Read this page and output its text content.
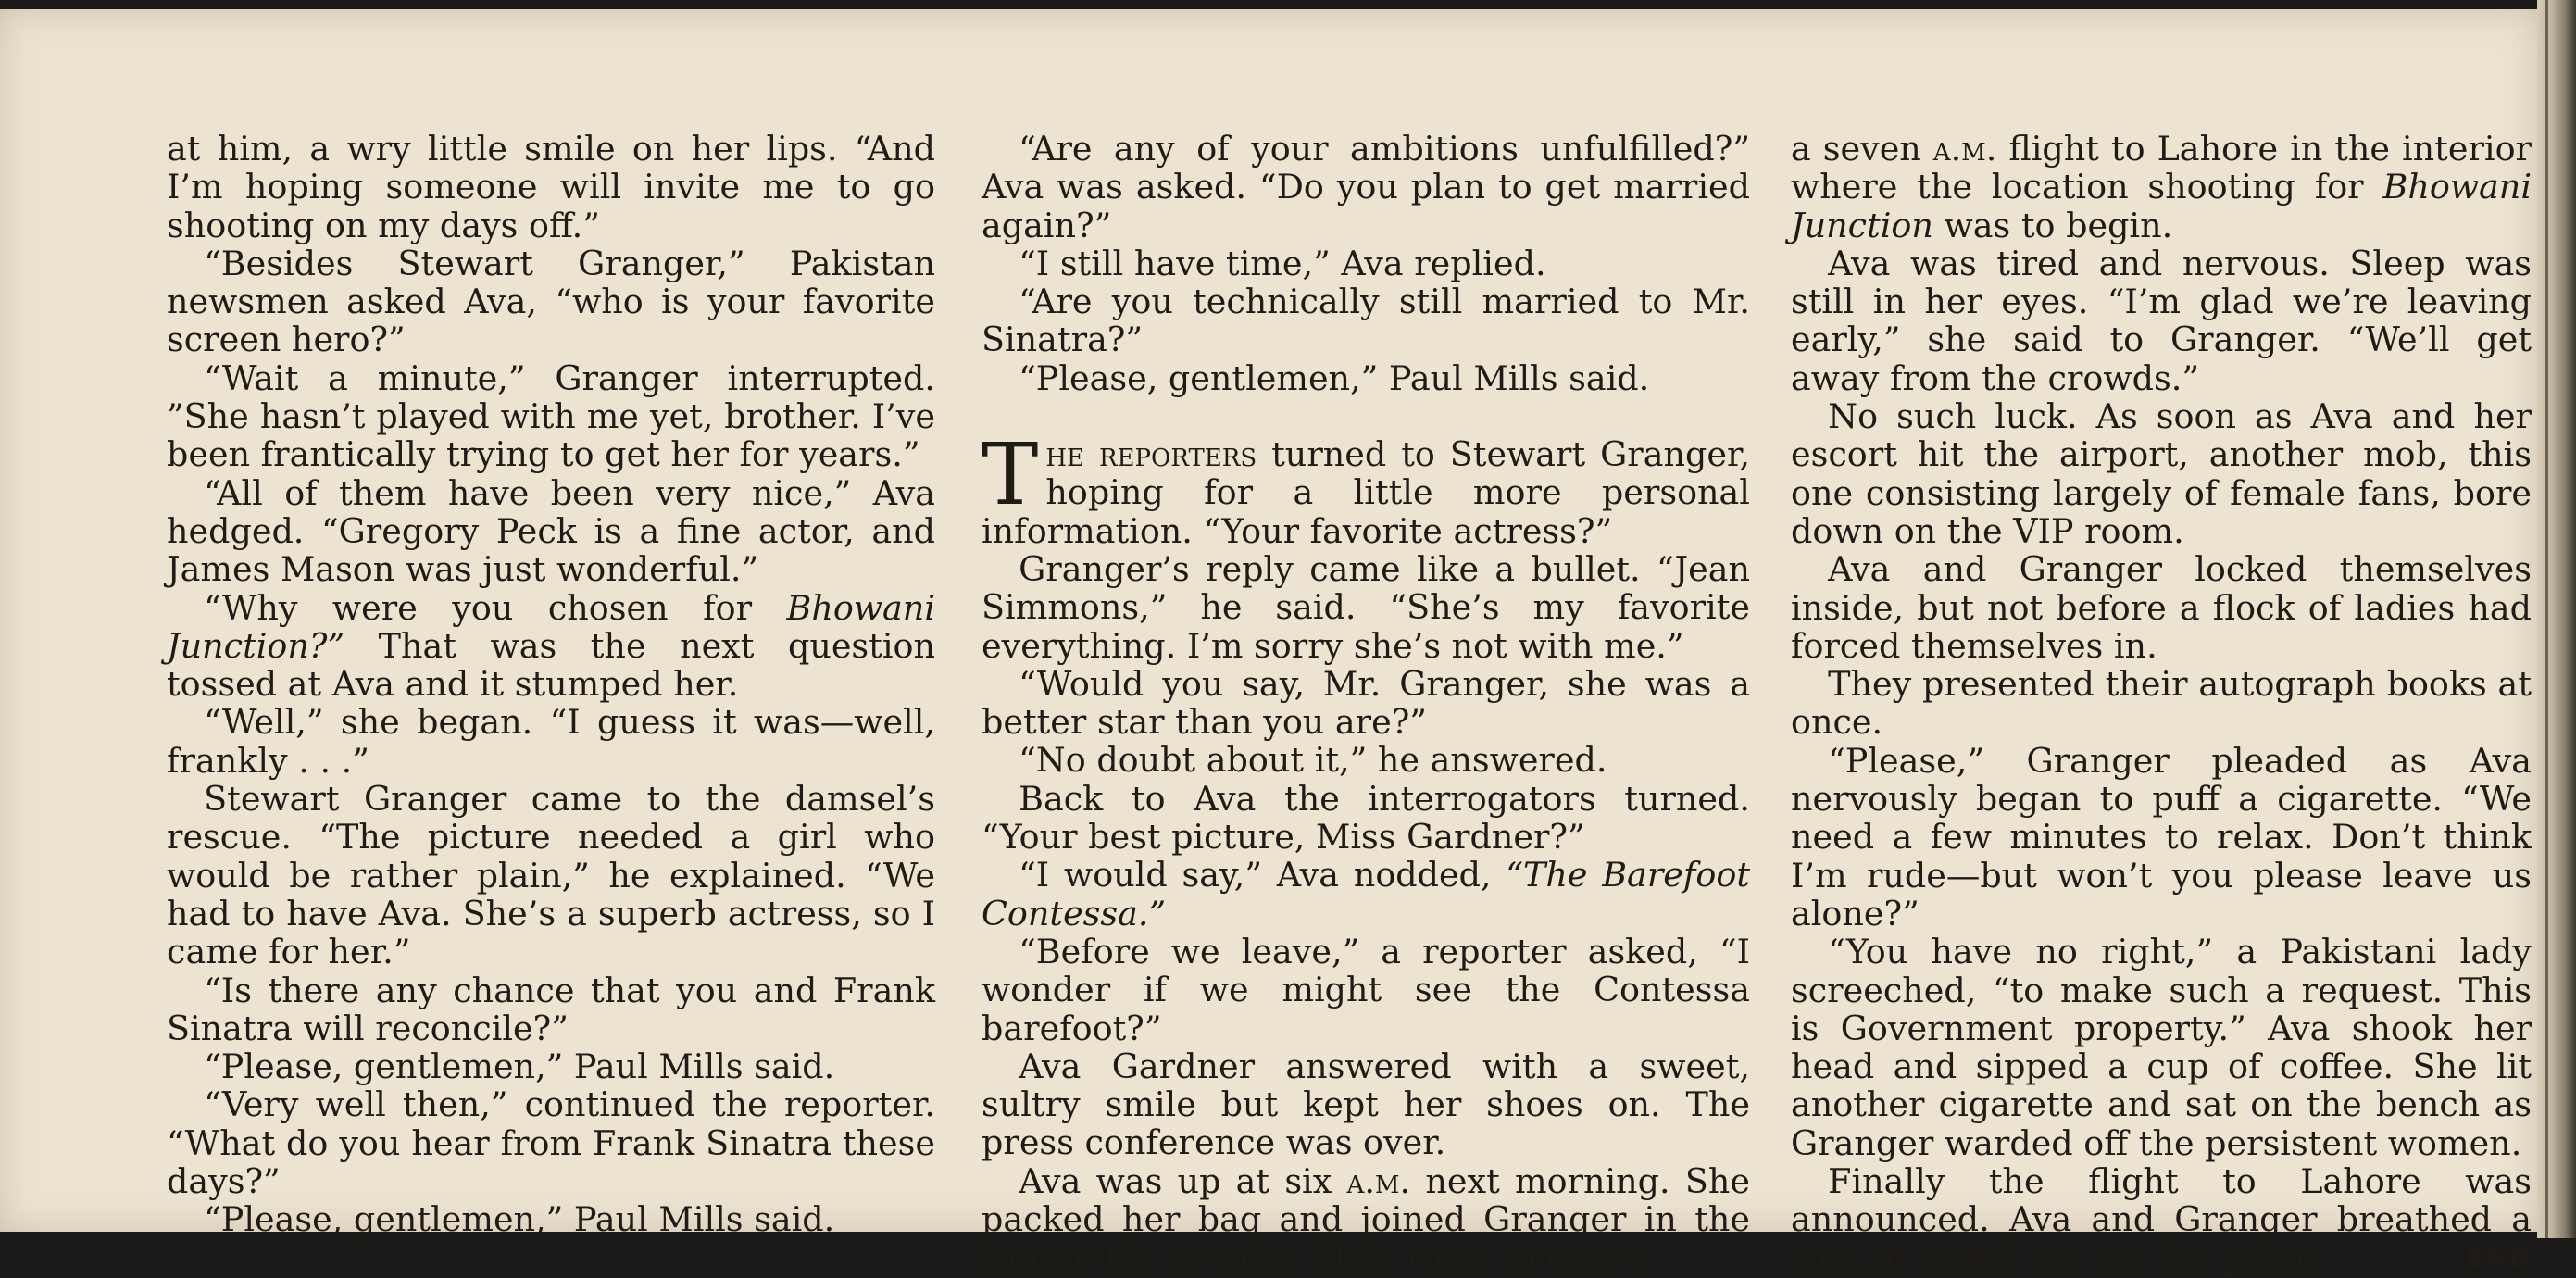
at him, a wry little smile on her lips. “And I’m hoping someone will invite me to go shooting on my days off.”

“Besides Stewart Granger,” Pakistan newsmen asked Ava, “who is your favorite screen hero?”

“Wait a minute,” Granger interrupted. ”She hasn’t played with me yet, brother. I’ve been frantically trying to get her for years.”

“All of them have been very nice,” Ava hedged. “Gregory Peck is a fine actor, and James Mason was just wonderful.”

“Why were you chosen for Bhowani Junction?” That was the next question tossed at Ava and it stumped her.

“Well,” she began. “I guess it was—well, frankly . . .”

Stewart Granger came to the damsel’s rescue. “The picture needed a girl who would be rather plain,” he explained. “We had to have Ava. She’s a superb actress, so I came for her.”

“Is there any chance that you and Frank Sinatra will reconcile?”

“Please, gentlemen,” Paul Mills said.

“Very well then,” continued the reporter. “What do you hear from Frank Sinatra these days?”

“Please, gentlemen,” Paul Mills said.

“Are any of your ambitions unfulfilled?” Ava was asked. “Do you plan to get married again?”

“I still have time,” Ava replied.

“Are you technically still married to Mr. Sinatra?”

“Please, gentlemen,” Paul Mills said.

The reporters turned to Stewart Granger, hoping for a little more personal information. “Your favorite actress?”

Granger’s reply came like a bullet. “Jean Simmons,” he said. “She’s my favorite everything. I’m sorry she’s not with me.”

“Would you say, Mr. Granger, she was a better star than you are?”

“No doubt about it,” he answered.

Back to Ava the interrogators turned. “Your best picture, Miss Gardner?”

“I would say,” Ava nodded, “The Barefoot Contessa.”

“Before we leave,” a reporter asked, “I wonder if we might see the Contessa barefoot?”

Ava Gardner answered with a sweet, sultry smile but kept her shoes on. The press conference was over.

Ava was up at six a.m. next morning. She packed her bag and joined Granger in the ride to the airport. They were to catch

a seven a.m. flight to Lahore in the interior where the location shooting for Bhowani Junction was to begin.

Ava was tired and nervous. Sleep was still in her eyes. “I’m glad we’re leaving early,” she said to Granger. “We’ll get away from the crowds.”

No such luck. As soon as Ava and her escort hit the airport, another mob, this one consisting largely of female fans, bore down on the VIP room.

Ava and Granger locked themselves inside, but not before a flock of ladies had forced themselves in.

They presented their autograph books at once.

“Please,” Granger pleaded as Ava nervously began to puff a cigarette. “We need a few minutes to relax. Don’t think I’m rude—but won’t you please leave us alone?”

“You have no right,” a Pakistani lady screeched, “to make such a request. This is Government property.” Ava shook her head and sipped a cup of coffee. She lit another cigarette and sat on the bench as Granger warded off the persistent women.

Finally the flight to Lahore was announced. Ava and Granger breathed a sigh of relief, ran for the plane.	END
